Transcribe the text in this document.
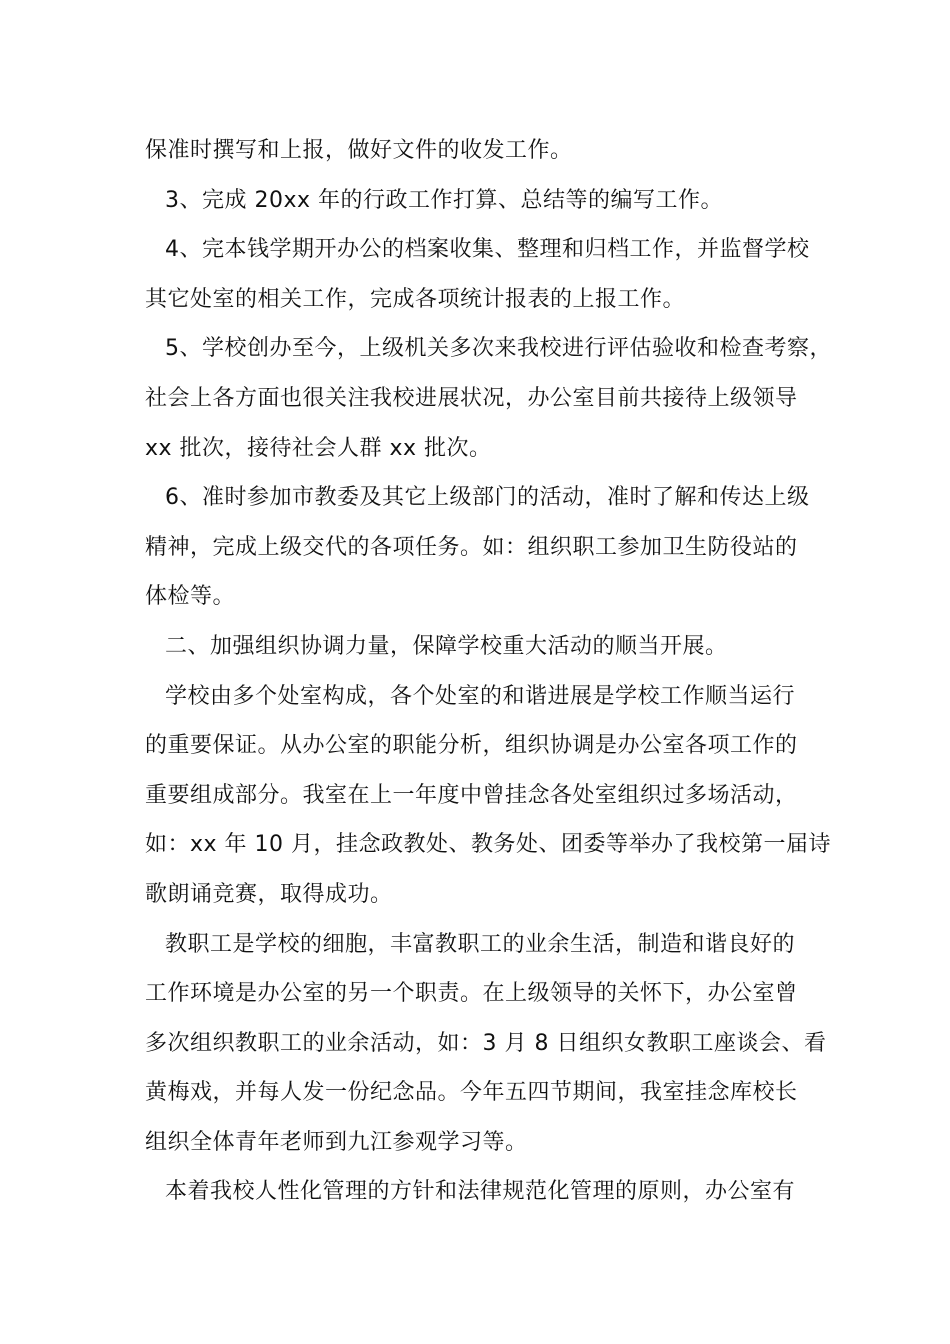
保准时撰写和上报，做好文件的收发工作。
3、完成 20xx 年的行政工作打算、总结等的编写工作。
4、完本钱学期开办公的档案收集、整理和归档工作，并监督学校
其它处室的相关工作，完成各项统计报表的上报工作。
5、学校创办至今，上级机关多次来我校进行评估验收和检查考察，
社会上各方面也很关注我校进展状况，办公室目前共接待上级领导
xx 批次，接待社会人群 xx 批次。
6、准时参加市教委及其它上级部门的活动，准时了解和传达上级
精神，完成上级交代的各项任务。如：组织职工参加卫生防役站的
体检等。
二、加强组织协调力量，保障学校重大活动的顺当开展。
学校由多个处室构成，各个处室的和谐进展是学校工作顺当运行
的重要保证。从办公室的职能分析，组织协调是办公室各项工作的
重要组成部分。我室在上一年度中曾挂念各处室组织过多场活动，
如：xx 年 10 月，挂念政教处、教务处、团委等举办了我校第一届诗
歌朗诵竞赛，取得成功。
教职工是学校的细胞，丰富教职工的业余生活，制造和谐良好的
工作环境是办公室的另一个职责。在上级领导的关怀下，办公室曾
多次组织教职工的业余活动，如：3 月 8 日组织女教职工座谈会、看
黄梅戏，并每人发一份纪念品。今年五四节期间，我室挂念库校长
组织全体青年老师到九江参观学习等。
本着我校人性化管理的方针和法律规范化管理的原则，办公室有
